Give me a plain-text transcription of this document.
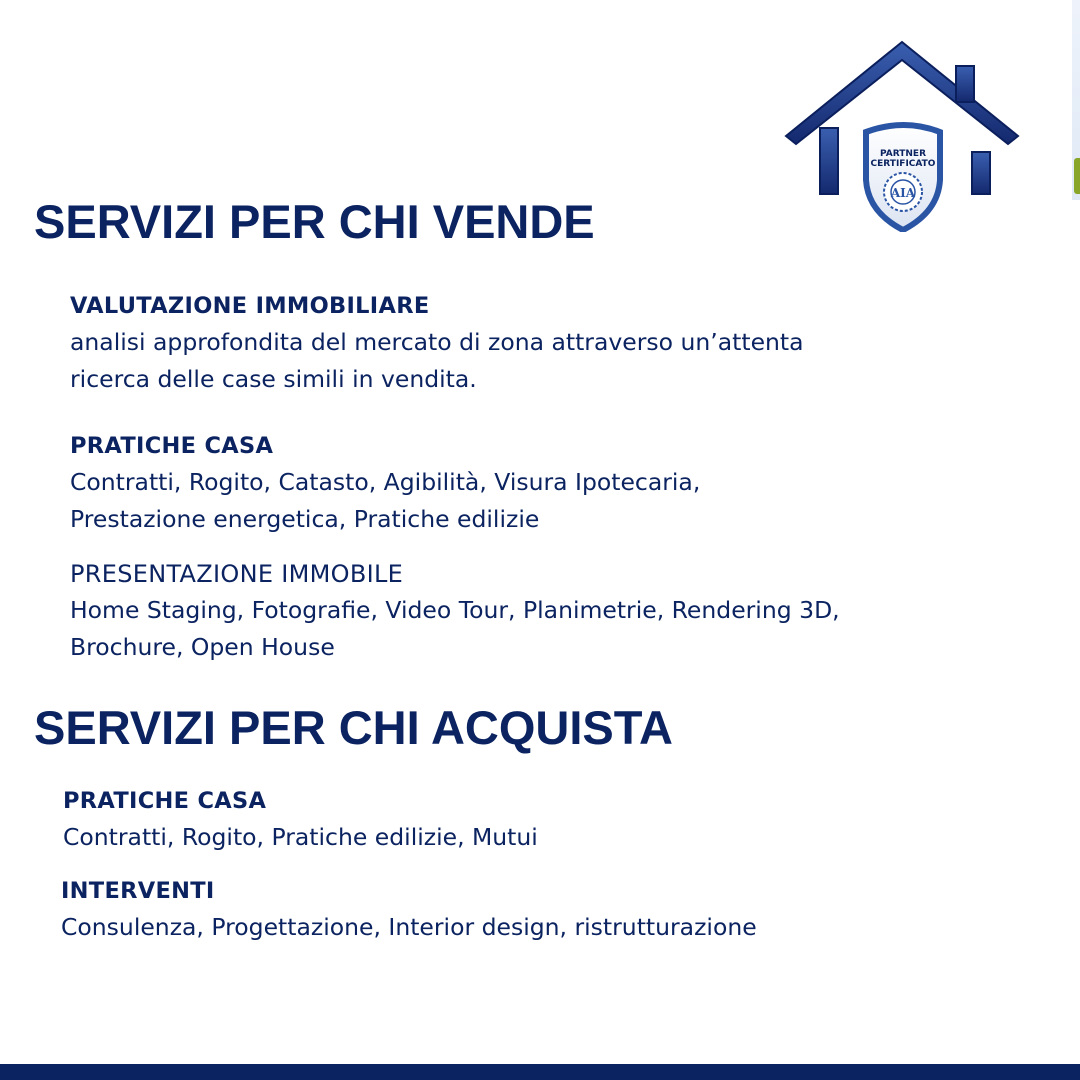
PARTNER
CERTIFICATO
AIA
SERVIZI PER CHI VENDE
VALUTAZIONE IMMOBILIARE
analisi approfondita del mercato di zona attraverso un’attenta
ricerca delle case simili in vendita.
PRATICHE CASA
Contratti, Rogito, Catasto, Agibilità, Visura Ipotecaria,
Prestazione energetica, Pratiche edilizie
PRESENTAZIONE IMMOBILE
Home Staging, Fotografie, Video Tour, Planimetrie, Rendering 3D,
Brochure, Open House
SERVIZI PER CHI ACQUISTA
PRATICHE CASA
Contratti, Rogito, Pratiche edilizie, Mutui
INTERVENTI
Consulenza, Progettazione, Interior design, ristrutturazione
